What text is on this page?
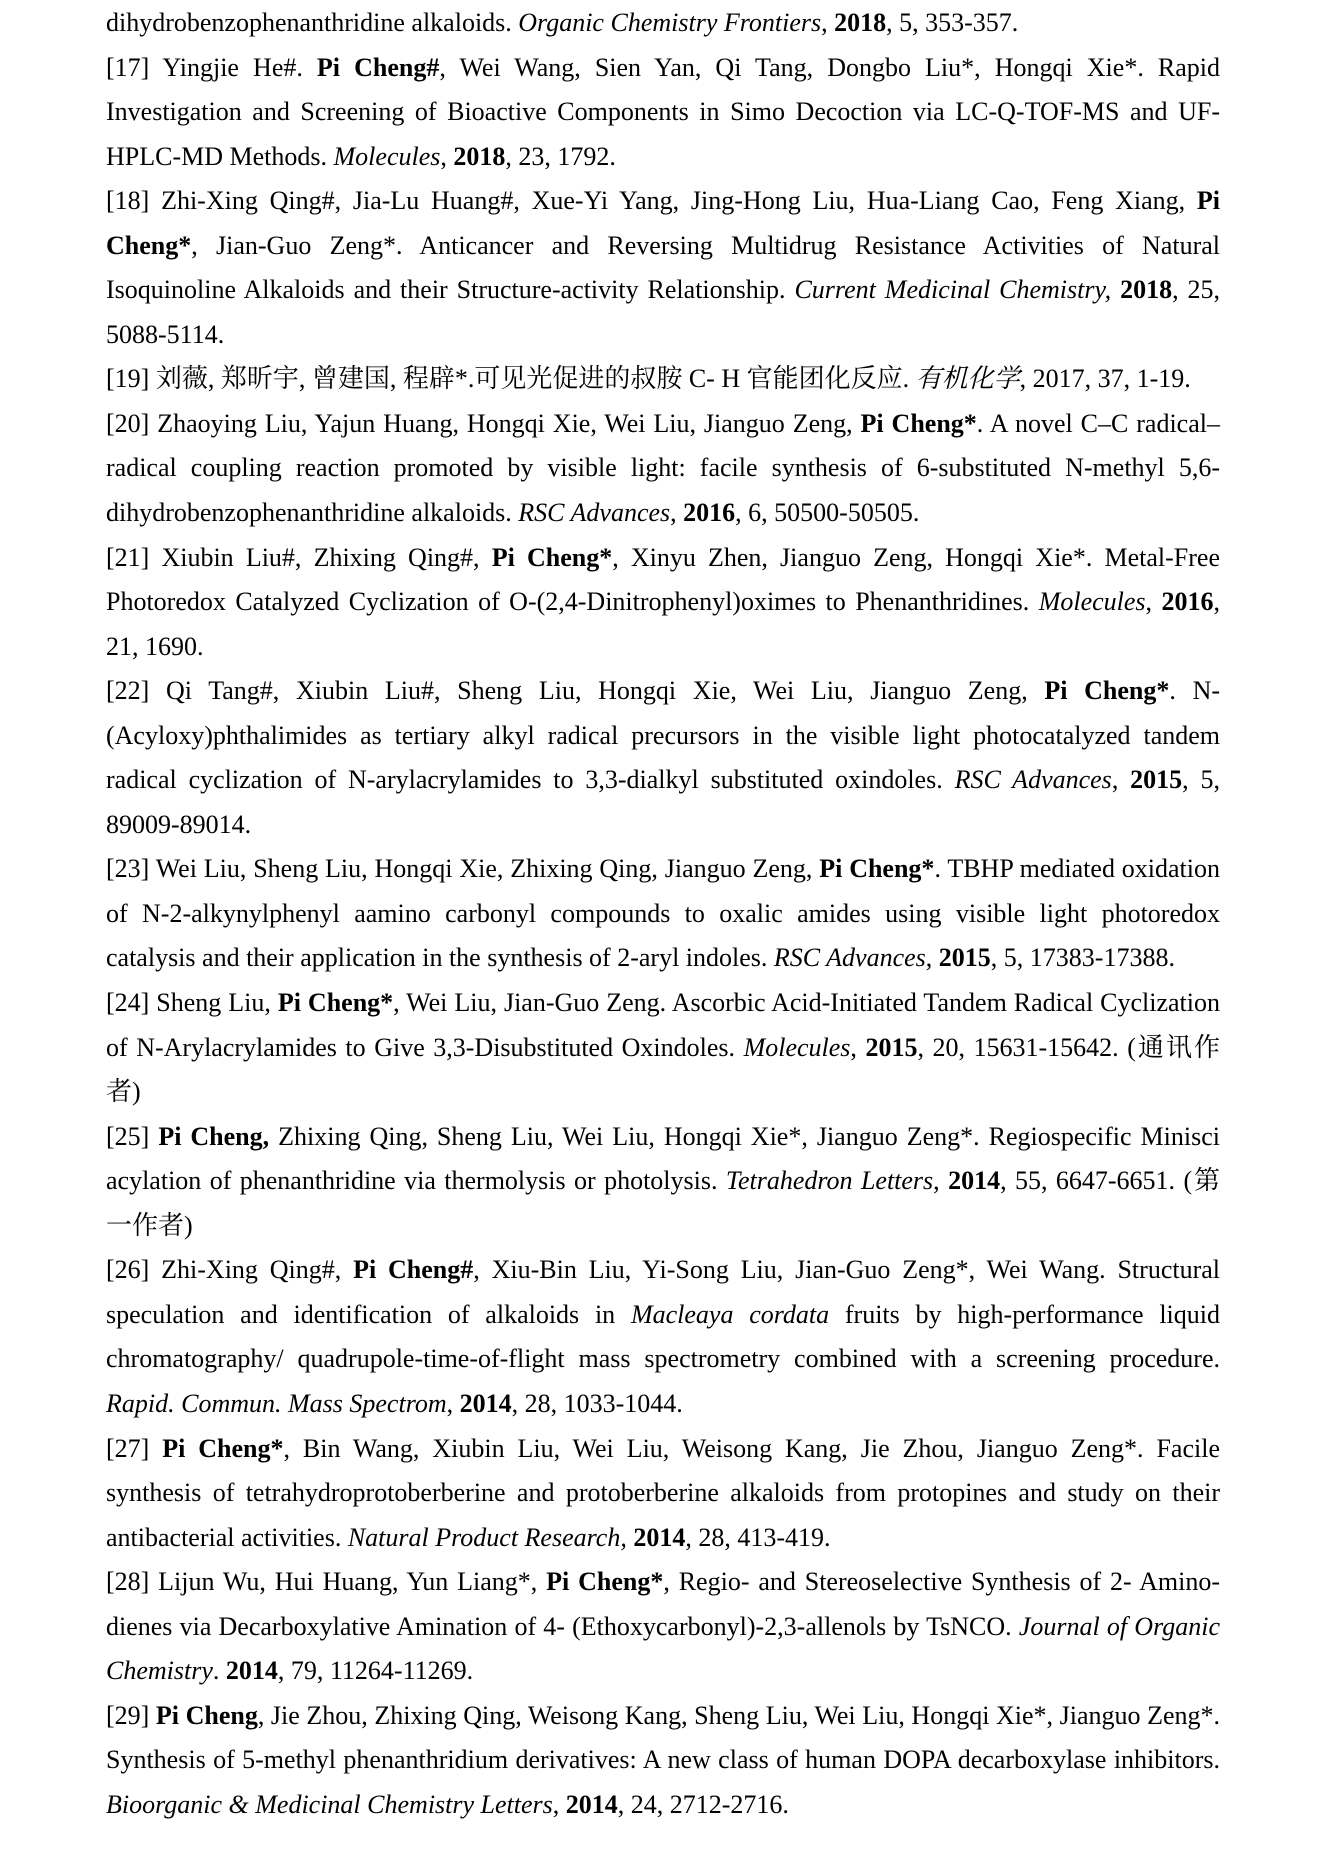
dihydrobenzophenanthridine alkaloids. Organic Chemistry Frontiers, 2018, 5, 353-357.

[17] Yingjie He#. Pi Cheng#, Wei Wang, Sien Yan, Qi Tang, Dongbo Liu*, Hongqi Xie*. Rapid Investigation and Screening of Bioactive Components in Simo Decoction via LC-Q-TOF-MS and UF-HPLC-MD Methods. Molecules, 2018, 23, 1792.

[18] Zhi-Xing Qing#, Jia-Lu Huang#, Xue-Yi Yang, Jing-Hong Liu, Hua-Liang Cao, Feng Xiang, Pi Cheng*, Jian-Guo Zeng*. Anticancer and Reversing Multidrug Resistance Activities of Natural Isoquinoline Alkaloids and their Structure-activity Relationship. Current Medicinal Chemistry, 2018, 25, 5088-5114.

[19] 刘薇, 郑昕宇, 曾建国, 程辟*.可见光促进的叔胺 C- H 官能团化反应. 有机化学, 2017, 37, 1-19.

[20] Zhaoying Liu, Yajun Huang, Hongqi Xie, Wei Liu, Jianguo Zeng, Pi Cheng*. A novel C–C radical–radical coupling reaction promoted by visible light: facile synthesis of 6-substituted N-methyl 5,6-dihydrobenzophenanthridine alkaloids. RSC Advances, 2016, 6, 50500-50505.

[21] Xiubin Liu#, Zhixing Qing#, Pi Cheng*, Xinyu Zhen, Jianguo Zeng, Hongqi Xie*. Metal-Free Photoredox Catalyzed Cyclization of O-(2,4-Dinitrophenyl)oximes to Phenanthridines. Molecules, 2016, 21, 1690.

[22] Qi Tang#, Xiubin Liu#, Sheng Liu, Hongqi Xie, Wei Liu, Jianguo Zeng, Pi Cheng*. N-(Acyloxy)phthalimides as tertiary alkyl radical precursors in the visible light photocatalyzed tandem radical cyclization of N-arylacrylamides to 3,3-dialkyl substituted oxindoles. RSC Advances, 2015, 5, 89009-89014.

[23] Wei Liu, Sheng Liu, Hongqi Xie, Zhixing Qing, Jianguo Zeng, Pi Cheng*. TBHP mediated oxidation of N-2-alkynylphenyl aamino carbonyl compounds to oxalic amides using visible light photoredox catalysis and their application in the synthesis of 2-aryl indoles. RSC Advances, 2015, 5, 17383-17388.

[24] Sheng Liu, Pi Cheng*, Wei Liu, Jian-Guo Zeng. Ascorbic Acid-Initiated Tandem Radical Cyclization of N-Arylacrylamides to Give 3,3-Disubstituted Oxindoles. Molecules, 2015, 20, 15631-15642. (通讯作者)

[25] Pi Cheng, Zhixing Qing, Sheng Liu, Wei Liu, Hongqi Xie*, Jianguo Zeng*. Regiospecific Minisci acylation of phenanthridine via thermolysis or photolysis. Tetrahedron Letters, 2014, 55, 6647-6651. (第一作者)

[26] Zhi-Xing Qing#, Pi Cheng#, Xiu-Bin Liu, Yi-Song Liu, Jian-Guo Zeng*, Wei Wang. Structural speculation and identification of alkaloids in Macleaya cordata fruits by high-performance liquid chromatography/ quadrupole-time-of-flight mass spectrometry combined with a screening procedure. Rapid. Commun. Mass Spectrom, 2014, 28, 1033-1044.

[27] Pi Cheng*, Bin Wang, Xiubin Liu, Wei Liu, Weisong Kang, Jie Zhou, Jianguo Zeng*. Facile synthesis of tetrahydroprotoberberine and protoberberine alkaloids from protopines and study on their antibacterial activities. Natural Product Research, 2014, 28, 413-419.

[28] Lijun Wu, Hui Huang, Yun Liang*, Pi Cheng*, Regio- and Stereoselective Synthesis of 2- Amino-dienes via Decarboxylative Amination of 4- (Ethoxycarbonyl)-2,3-allenols by TsNCO. Journal of Organic Chemistry. 2014, 79, 11264-11269.

[29] Pi Cheng, Jie Zhou, Zhixing Qing, Weisong Kang, Sheng Liu, Wei Liu, Hongqi Xie*, Jianguo Zeng*. Synthesis of 5-methyl phenanthridium derivatives: A new class of human DOPA decarboxylase inhibitors. Bioorganic & Medicinal Chemistry Letters, 2014, 24, 2712-2716.
